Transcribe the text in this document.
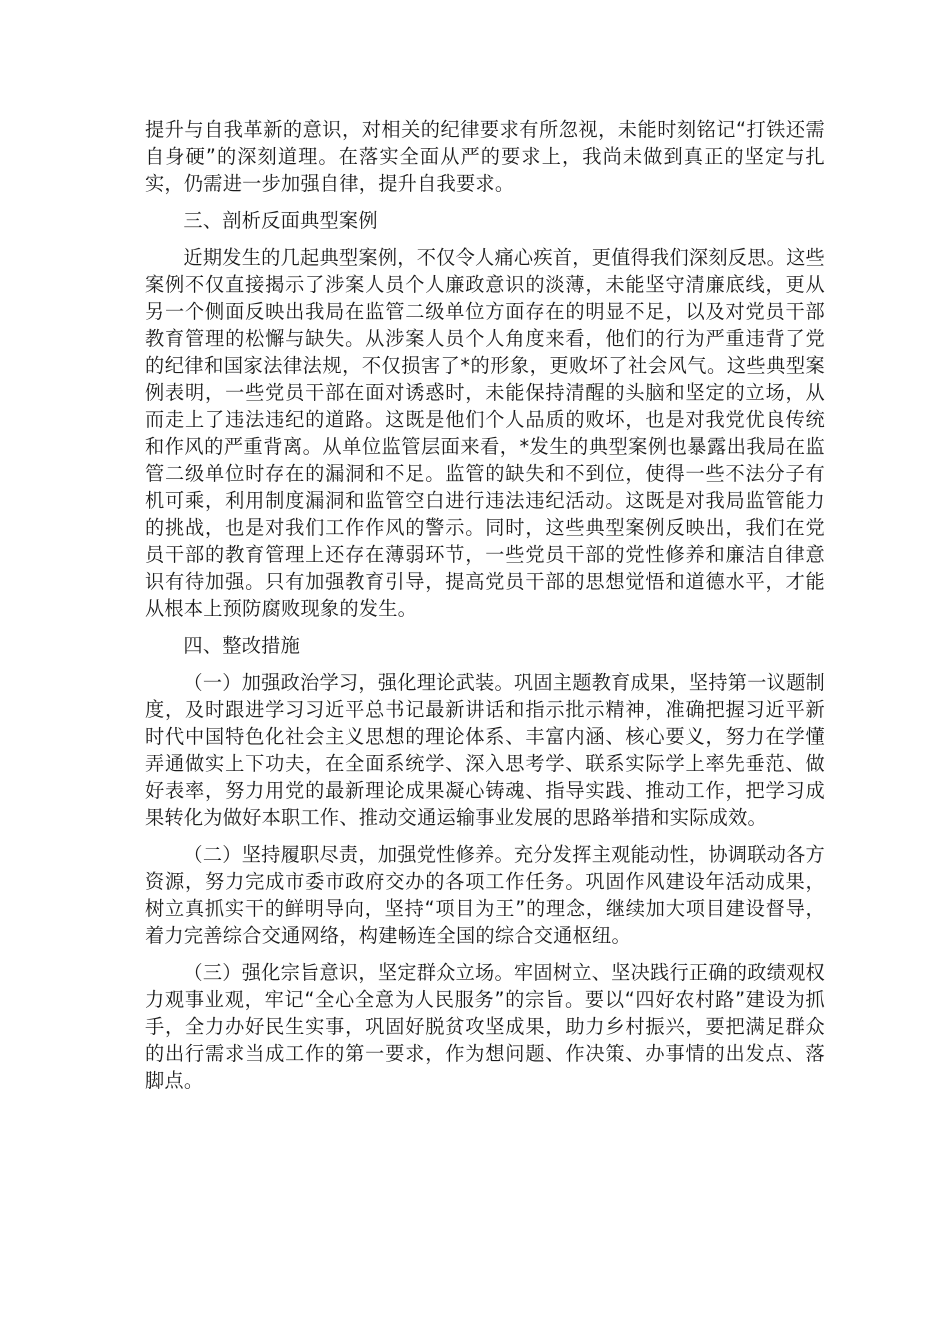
提升与自我革新的意识，对相关的纪律要求有所忽视，未能时刻铭记“打铁还需自身硬”的深刻道理。在落实全面从严的要求上，我尚未做到真正的坚定与扎实，仍需进一步加强自律，提升自我要求。

三、剖析反面典型案例

近期发生的几起典型案例，不仅令人痛心疾首，更值得我们深刻反思。这些案例不仅直接揭示了涉案人员个人廉政意识的淡薄，未能坚守清廉底线，更从另一个侧面反映出我局在监管二级单位方面存在的明显不足，以及对党员干部教育管理的松懈与缺失。从涉案人员个人角度来看，他们的行为严重违背了党的纪律和国家法律法规，不仅损害了*的形象，更败坏了社会风气。这些典型案例表明，一些党员干部在面对诱惑时，未能保持清醒的头脑和坚定的立场，从而走上了违法违纪的道路。这既是他们个人品质的败坏，也是对我党优良传统和作风的严重背离。从单位监管层面来看，*发生的典型案例也暴露出我局在监管二级单位时存在的漏洞和不足。监管的缺失和不到位，使得一些不法分子有机可乘，利用制度漏洞和监管空白进行违法违纪活动。这既是对我局监管能力的挑战，也是对我们工作作风的警示。同时，这些典型案例反映出，我们在党员干部的教育管理上还存在薄弱环节，一些党员干部的党性修养和廉洁自律意识有待加强。只有加强教育引导，提高党员干部的思想觉悟和道德水平，才能从根本上预防腐败现象的发生。

四、整改措施

（一）加强政治学习，强化理论武装。巩固主题教育成果，坚持第一议题制度，及时跟进学习习近平总书记最新讲话和指示批示精神，准确把握习近平新时代中国特色化社会主义思想的理论体系、丰富内涵、核心要义，努力在学懂弄通做实上下功夫，在全面系统学、深入思考学、联系实际学上率先垂范、做好表率，努力用党的最新理论成果凝心铸魂、指导实践、推动工作，把学习成果转化为做好本职工作、推动交通运输事业发展的思路举措和实际成效。

（二）坚持履职尽责，加强党性修养。充分发挥主观能动性，协调联动各方资源，努力完成市委市政府交办的各项工作任务。巩固作风建设年活动成果，树立真抓实干的鲜明导向，坚持“项目为王”的理念，继续加大项目建设督导，着力完善综合交通网络，构建畅连全国的综合交通枢纽。

（三）强化宗旨意识，坚定群众立场。牢固树立、坚决践行正确的政绩观权力观事业观，牢记“全心全意为人民服务”的宗旨。要以“四好农村路”建设为抓手，全力办好民生实事，巩固好脱贫攻坚成果，助力乡村振兴，要把满足群众的出行需求当成工作的第一要求，作为想问题、作决策、办事情的出发点、落脚点。
